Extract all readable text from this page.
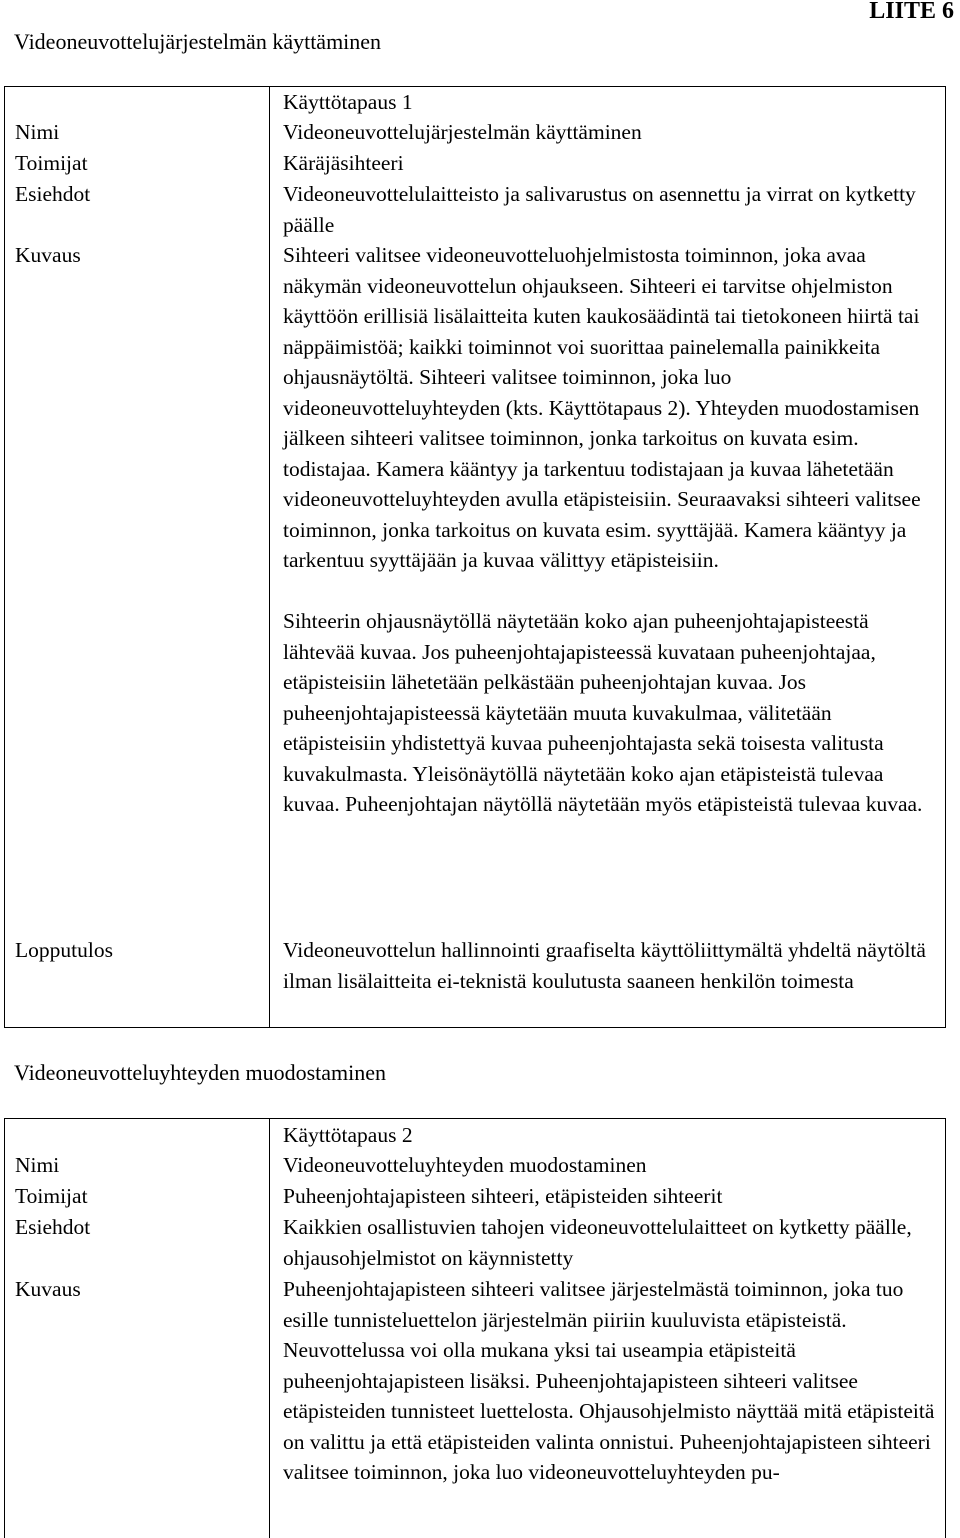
LIITE 6
Videoneuvottelujärjestelmän käyttäminen
Nimi
Toimijat
Esiehdot
Kuvaus
Lopputulos
Käyttötapaus 1
Videoneuvottelujärjestelmän käyttäminen
Käräjäsihteeri
Videoneuvottelulaitteisto ja salivarustus on asennettu ja virrat on kytketty päälle

Sihteeri valitsee videoneuvotteluohjelmistosta toiminnon, joka avaa näkymän videoneuvottelun ohjaukseen. Sihteeri ei tarvitse ohjelmiston käyttöön erillisiä lisälaitteita kuten kaukosäädintä tai tietokoneen hiirtä tai näppäimistöä; kaikki toiminnot voi suorittaa painelemalla painikkeita ohjausnäytöltä. Sihteeri valitsee toiminnon, joka luo videoneuvotteluyhteyden (kts. Käyttötapaus 2). Yhteyden muodostamisen jälkeen sihteeri valitsee toiminnon, jonka tarkoitus on kuvata esim. todistajaa. Kamera kääntyy ja tarkentuu todistajaan ja kuvaa lähetetään videoneuvotteluyhteyden avulla etäpisteisiin. Seuraavaksi sihteeri valitsee toiminnon, jonka tarkoitus on kuvata esim. syyttäjää. Kamera kääntyy ja tarkentuu syyttäjään ja kuvaa välittyy etäpisteisiin.

Sihteerin ohjausnäytöllä näytetään koko ajan puheenjohtajapisteestä lähtevää kuvaa. Jos puheenjohtajapisteessä kuvataan puheenjohtajaa, etäpisteisiin lähetetään pelkästään puheenjohtajan kuvaa. Jos puheenjohtajapisteessä käytetään muuta kuvakulmaa, välitetään etäpisteisiin yhdistettyä kuvaa puheenjohtajasta sekä toisesta valitusta kuvakulmasta. Yleisönäytöllä näytetään koko ajan etäpisteistä tulevaa kuvaa. Puheenjohtajan näytöllä näytetään myös etäpisteistä tulevaa kuvaa.

Videoneuvottelun hallinnointi graafiselta käyttöliittymältä yhdeltä näytöltä ilman lisälaitteita ei-teknistä koulutusta saaneen henkilön toimesta
Videoneuvotteluyhteyden muodostaminen
Nimi
Toimijat
Esiehdot
Kuvaus
Käyttötapaus 2
Videoneuvotteluyhteyden muodostaminen
Puheenjohtajapisteen sihteeri, etäpisteiden sihteerit
Kaikkien osallistuvien tahojen videoneuvottelulaitteet on kytketty päälle, ohjausohjelmistot on käynnistetty
Puheenjohtajapisteen sihteeri valitsee järjestelmästä toiminnon, joka tuo esille tunnisteluettelon järjestelmän piiriin kuuluvista etäpisteistä. Neuvottelussa voi olla mukana yksi tai useampia etäpisteitä puheenjohtajapisteen lisäksi. Puheenjohtajapisteen sihteeri valitsee etäpisteiden tunnisteet luettelosta. Ohjausohjelmisto näyttää mitä etäpisteitä on valittu ja että etäpisteiden valinta onnistui. Puheenjohtajapisteen sihteeri valitsee toiminnon, joka luo videoneuvotteluyhteyden pu-
